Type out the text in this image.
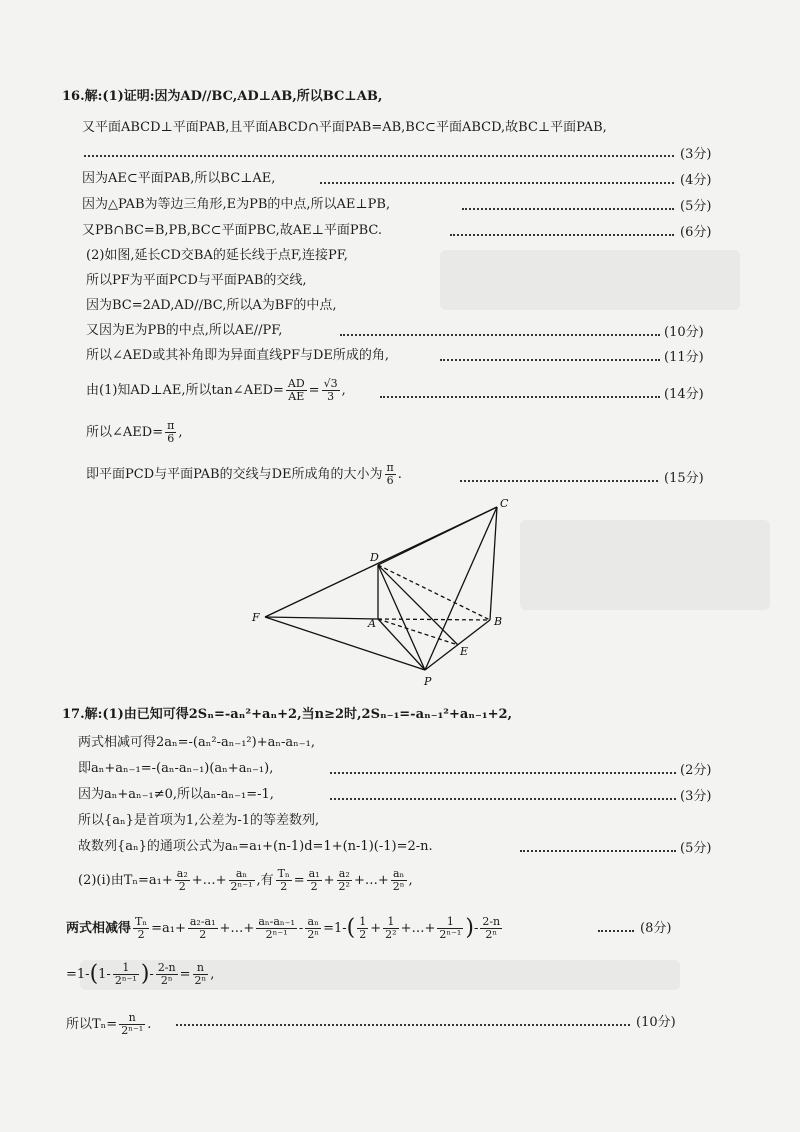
16.解:(1)证明:因为AD//BC,AD⊥AB,所以BC⊥AB,
又平面ABCD⊥平面PAB,且平面ABCD∩平面PAB=AB,BC⊂平面ABCD,故BC⊥平面PAB,
(3分)
因为AE⊂平面PAB,所以BC⊥AE,	(4分)
因为△PAB为等边三角形,E为PB的中点,所以AE⊥PB,	(5分)
又PB∩BC=B,PB,BC⊂平面PBC,故AE⊥平面PBC.	(6分)
(2)如图,延长CD交BA的延长线于点F,连接PF,
所以PF为平面PCD与平面PAB的交线,
因为BC=2AD,AD//BC,所以A为BF的中点,
又因为E为PB的中点,所以AE//PF,	(10分)
所以∠AED或其补角即为异面直线PF与DE所成的角,	(11分)
由(1)知AD⊥AE,所以tan∠AED= $\frac{AD}{AE} = \frac{√3}{3}$ ,	(14分)
所以∠AED= $\frac{\pi}{6}$ ,
即平面PCD与平面PAB的交线与DE所成角的大小为 $\frac{\pi}{6}$ .	(15分)
C
D
F	A	B
E
P
17.解:(1)由已知可得2Sₙ=-aₙ²+aₙ+2,当n≥2时,2Sₙ₋₁=-aₙ₋₁²+aₙ₋₁+2,
两式相减可得2aₙ=-(aₙ²-aₙ₋₁²)+aₙ-aₙ₋₁,
即aₙ+aₙ₋₁=-(aₙ-aₙ₋₁)(aₙ+aₙ₋₁),	(2分)
因为aₙ+aₙ₋₁≠0,所以aₙ-aₙ₋₁=-1,	(3分)
所以{aₙ}是首项为1,公差为-1的等差数列,
故数列{aₙ}的通项公式为aₙ=a₁+(n-1)d=1+(n-1)(-1)=2-n.	(5分)
(2)(i)由$T_n=a_1+ \frac{\text{a₂}}{2}$ +…+ $\frac{\text{aₙ}}{\text{2ⁿ⁻¹}}$ ,有 $\frac{\text{Tₙ}}{2} = \frac{\text{a₁}}{2} + \frac{\text{a₂}}{\text{2²}}$ +…+ $\frac{\text{aₙ}}{\text{2ⁿ}}$ ,
两式相减得 $\frac{\text{Tₙ}}{2} =a_1+ \frac{\text{a₂-a₁}}{2}$ +…+ $\frac{\text{aₙ-aₙ₋₁}}{\text{2ⁿ⁻¹}} - \frac{\text{aₙ}}{\text{2ⁿ}} =1-( \frac{1}{2} + \frac{1}{\text{2²}}$ +…+ $\frac{1}{\text{2ⁿ⁻¹}}$ )- $\frac{2-n}{\text{2ⁿ}}$	(8分)
$=1-(1- \frac{1}{\text{2ⁿ⁻¹}}$ )- $\frac{2-n}{\text{2ⁿ}} = \frac{n}{\text{2ⁿ}}$ ,
所以$T_n= \frac{n}{\text{2ⁿ⁻¹}}$ .	(10分)
